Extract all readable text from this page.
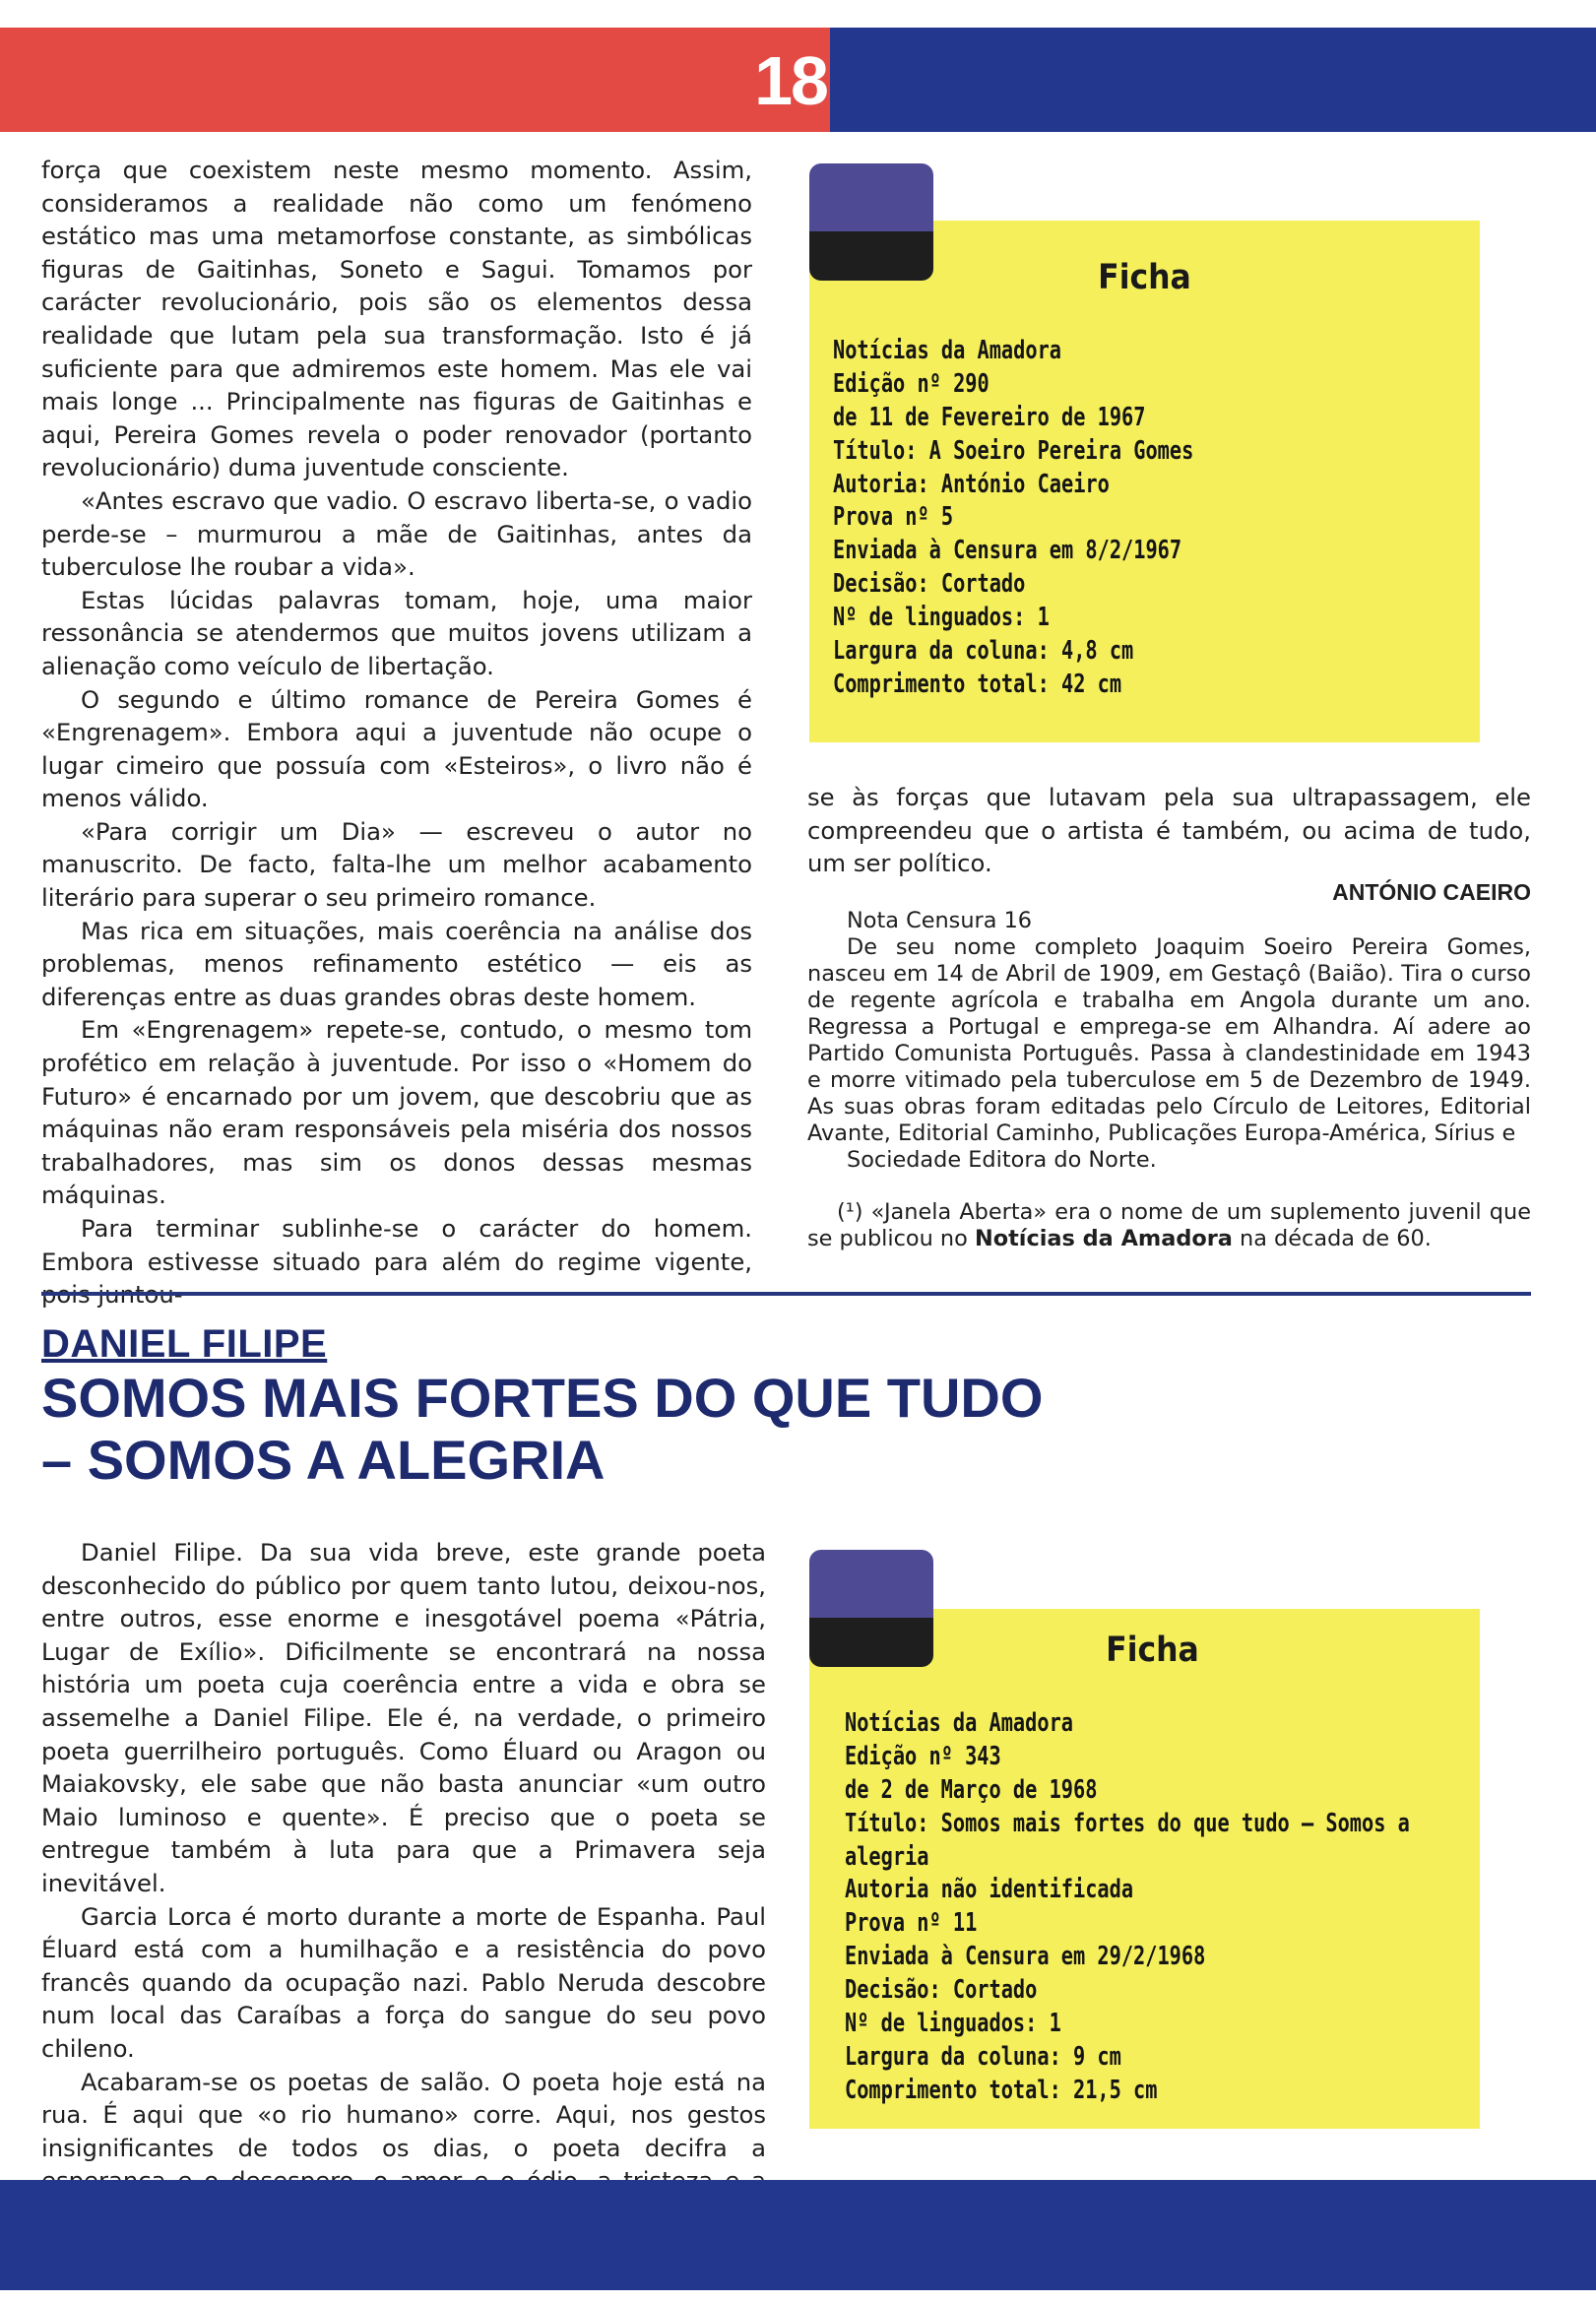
18

força que coexistem neste mesmo momento. Assim, consideramos a realidade não como um fenómeno estático mas uma metamorfose constante, as simbólicas figuras de Gaitinhas, Soneto e Sagui. Tomamos por carácter revolucionário, pois são os elementos dessa realidade que lutam pela sua transformação. Isto é já suficiente para que admiremos este homem. Mas ele vai mais longe ... Principalmente nas figuras de Gaitinhas e aqui, Pereira Gomes revela o poder renovador (portanto revolucionário) duma juventude consciente.

«Antes escravo que vadio. O escravo liberta-se, o vadio perde-se – murmurou a mãe de Gaitinhas, antes da tuberculose lhe roubar a vida».

Estas lúcidas palavras tomam, hoje, uma maior ressonância se atendermos que muitos jovens utilizam a alienação como veículo de libertação.

O segundo e último romance de Pereira Gomes é «Engrenagem». Embora aqui a juventude não ocupe o lugar cimeiro que possuía com «Esteiros», o livro não é menos válido.

«Para corrigir um Dia» — escreveu o autor no manuscrito. De facto, falta-lhe um melhor acabamento literário para superar o seu primeiro romance.

Mas rica em situações, mais coerência na análise dos problemas, menos refinamento estético — eis as diferenças entre as duas grandes obras deste homem.

Em «Engrenagem» repete-se, contudo, o mesmo tom profético em relação à juventude. Por isso o «Homem do Futuro» é encarnado por um jovem, que descobriu que as máquinas não eram responsáveis pela miséria dos nossos trabalhadores, mas sim os donos dessas mesmas máquinas.

Para terminar sublinhe-se o carácter do homem. Embora estivesse situado para além do regime vigente,

Ficha
Notícias da Amadora
Edição nº 290
de 11 de Fevereiro de 1967
Título: A Soeiro Pereira Gomes
Autoria: António Caeiro
Prova nº 5
Enviada à Censura em 8/2/1967
Decisão: Cortado
Nº de linguados: 1
Largura da coluna: 4,8 cm
Comprimento total: 42 cm

se às forças que lutavam pela sua ultrapassagem, ele compreendeu que o artista é também, ou acima de tudo, um ser político.

ANTÓNIO CAEIRO

Nota Censura 16

De seu nome completo Joaquim Soeiro Pereira Gomes, nasceu em 14 de Abril de 1909, em Gestaçô (Baião). Tira o curso de regente agrícola e trabalha em Angola durante um ano. Regressa a Portugal e emprega-se em Alhandra. Aí adere ao Partido Comunista Português. Passa à clandestinidade em 1943 e morre vitimado pela tuberculose em 5 de Dezembro de 1949. As suas obras foram editadas pelo Círculo de Leitores, Editorial Avante, Editorial Caminho, Publicações Europa-América, Sírius e

Sociedade Editora do Norte.

(¹) «Janela Aberta» era o nome de um suplemento juvenil que se publicou no Notícias da Amadora na década de 60.

DANIEL FILIPE
SOMOS MAIS FORTES DO QUE TUDO
– SOMOS A ALEGRIA

Daniel Filipe. Da sua vida breve, este grande poeta desconhecido do público por quem tanto lutou, deixou-nos, entre outros, esse enorme e inesgotável poema «Pátria, Lugar de Exílio». Dificilmente se encontrará na nossa história um poeta cuja coerência entre a vida e obra se assemelhe a Daniel Filipe. Ele é, na verdade, o primeiro poeta guerrilheiro português. Como Éluard ou Aragon ou Maiakovsky, ele sabe que não basta anunciar «um outro Maio luminoso e quente». É preciso que o poeta se entregue também à luta para que a Primavera seja inevitável.

Garcia Lorca é morto durante a morte de Espanha. Paul Éluard está com a humilhação e a resistência do povo francês quando da ocupação nazi. Pablo Neruda descobre num local das Caraíbas a força do sangue do seu povo chileno.

Acabaram-se os poetas de salão. O poeta hoje está na rua. É aqui que «o rio humano» corre. Aqui, nos gestos insignificantes de todos os dias, o poeta decifra a

Ficha
Notícias da Amadora
Edição nº 343
de 2 de Março de 1968
Título: Somos mais fortes do que tudo – Somos a
alegria
Autoria não identificada
Prova nº 11
Enviada à Censura em 29/2/1968
Decisão: Cortado
Nº de linguados: 1
Largura da coluna: 9 cm
Comprimento total: 21,5 cm
